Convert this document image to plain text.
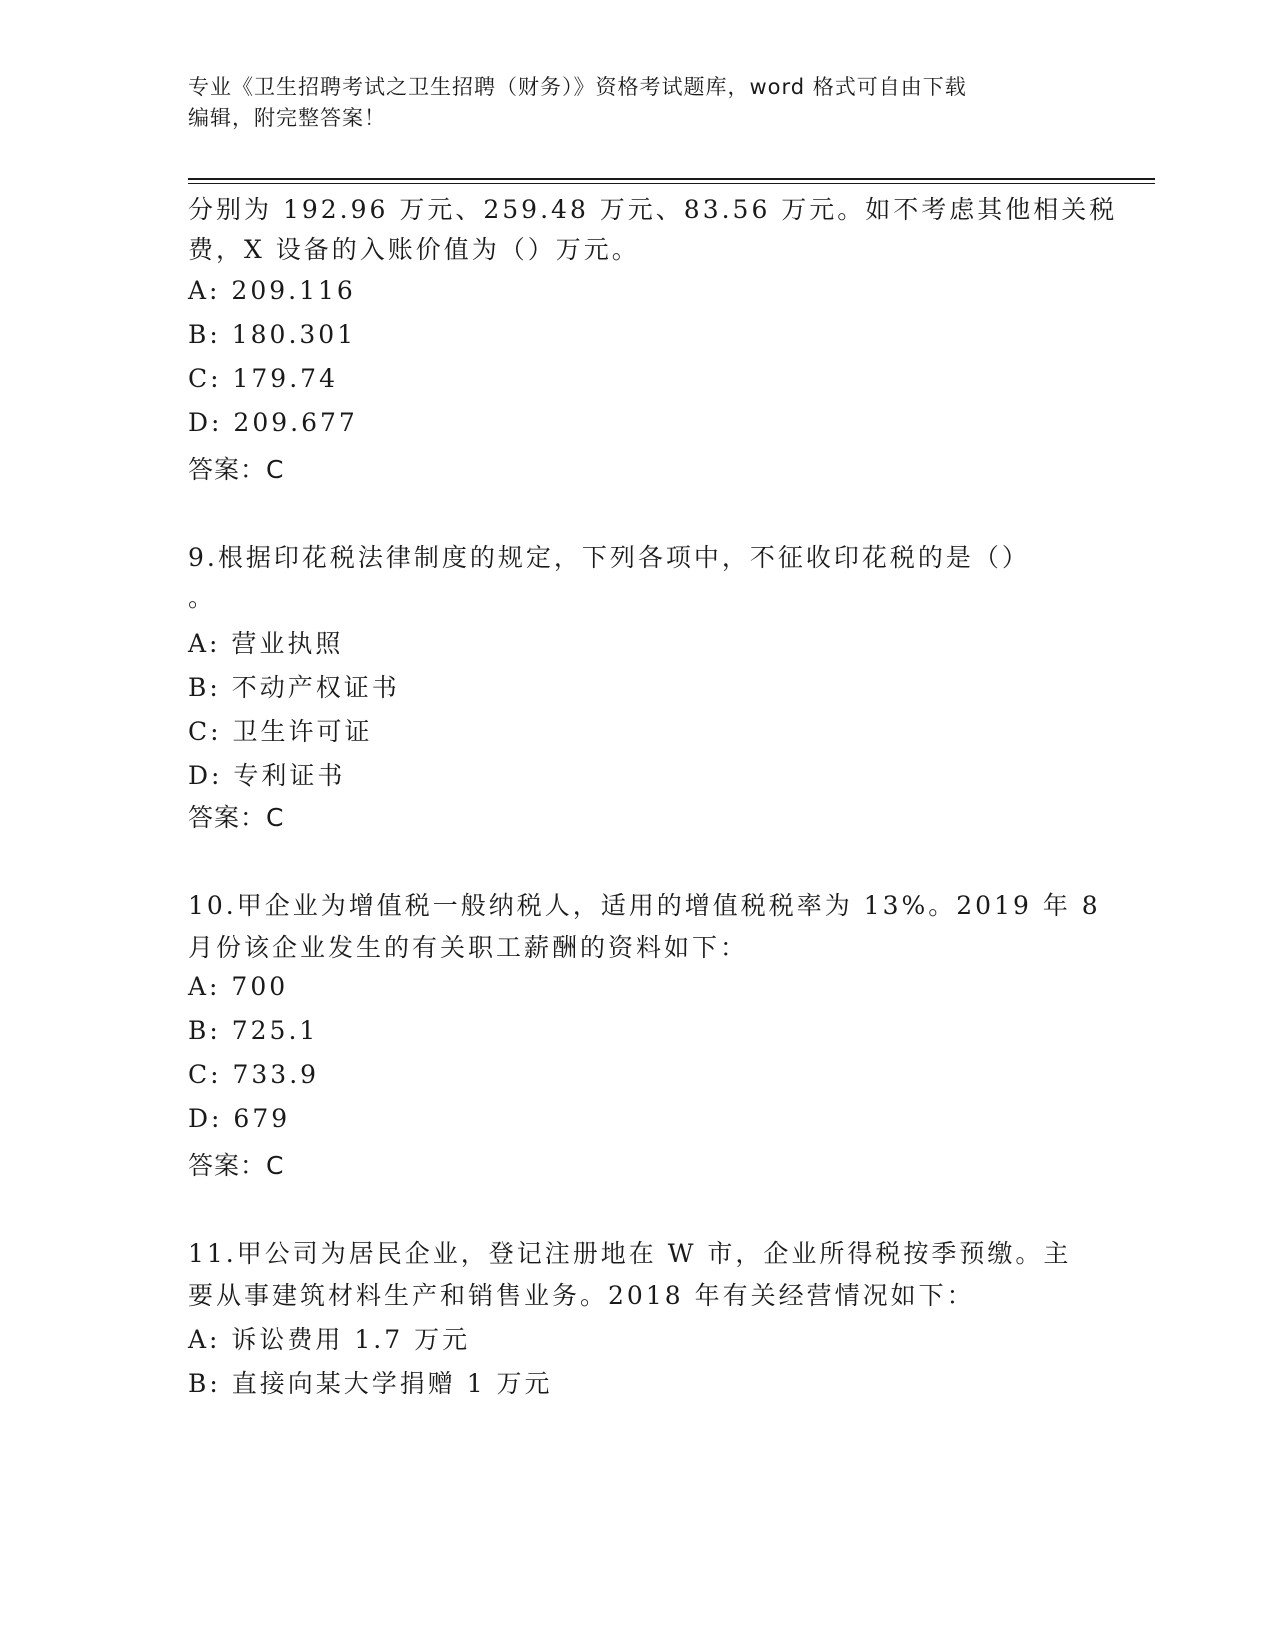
专业《卫生招聘考试之卫生招聘（财务）》资格考试题库，word 格式可自由下载
编辑，附完整答案！
分别为 192.96 万元、259.48 万元、83.56 万元。如不考虑其他相关税
费，X 设备的入账价值为（）万元。
A: 209.116
B: 180.301
C: 179.74
D: 209.677
答案：C
9.根据印花税法律制度的规定，下列各项中，不征收印花税的是（）
。
A: 营业执照
B: 不动产权证书
C: 卫生许可证
D: 专利证书
答案：C
10.甲企业为增值税一般纳税人，适用的增值税税率为 13%。2019 年 8
月份该企业发生的有关职工薪酬的资料如下：
A: 700
B: 725.1
C: 733.9
D: 679
答案：C
11.甲公司为居民企业，登记注册地在 W 市，企业所得税按季预缴。主
要从事建筑材料生产和销售业务。2018 年有关经营情况如下：
A: 诉讼费用 1.7 万元
B: 直接向某大学捐赠 1 万元
